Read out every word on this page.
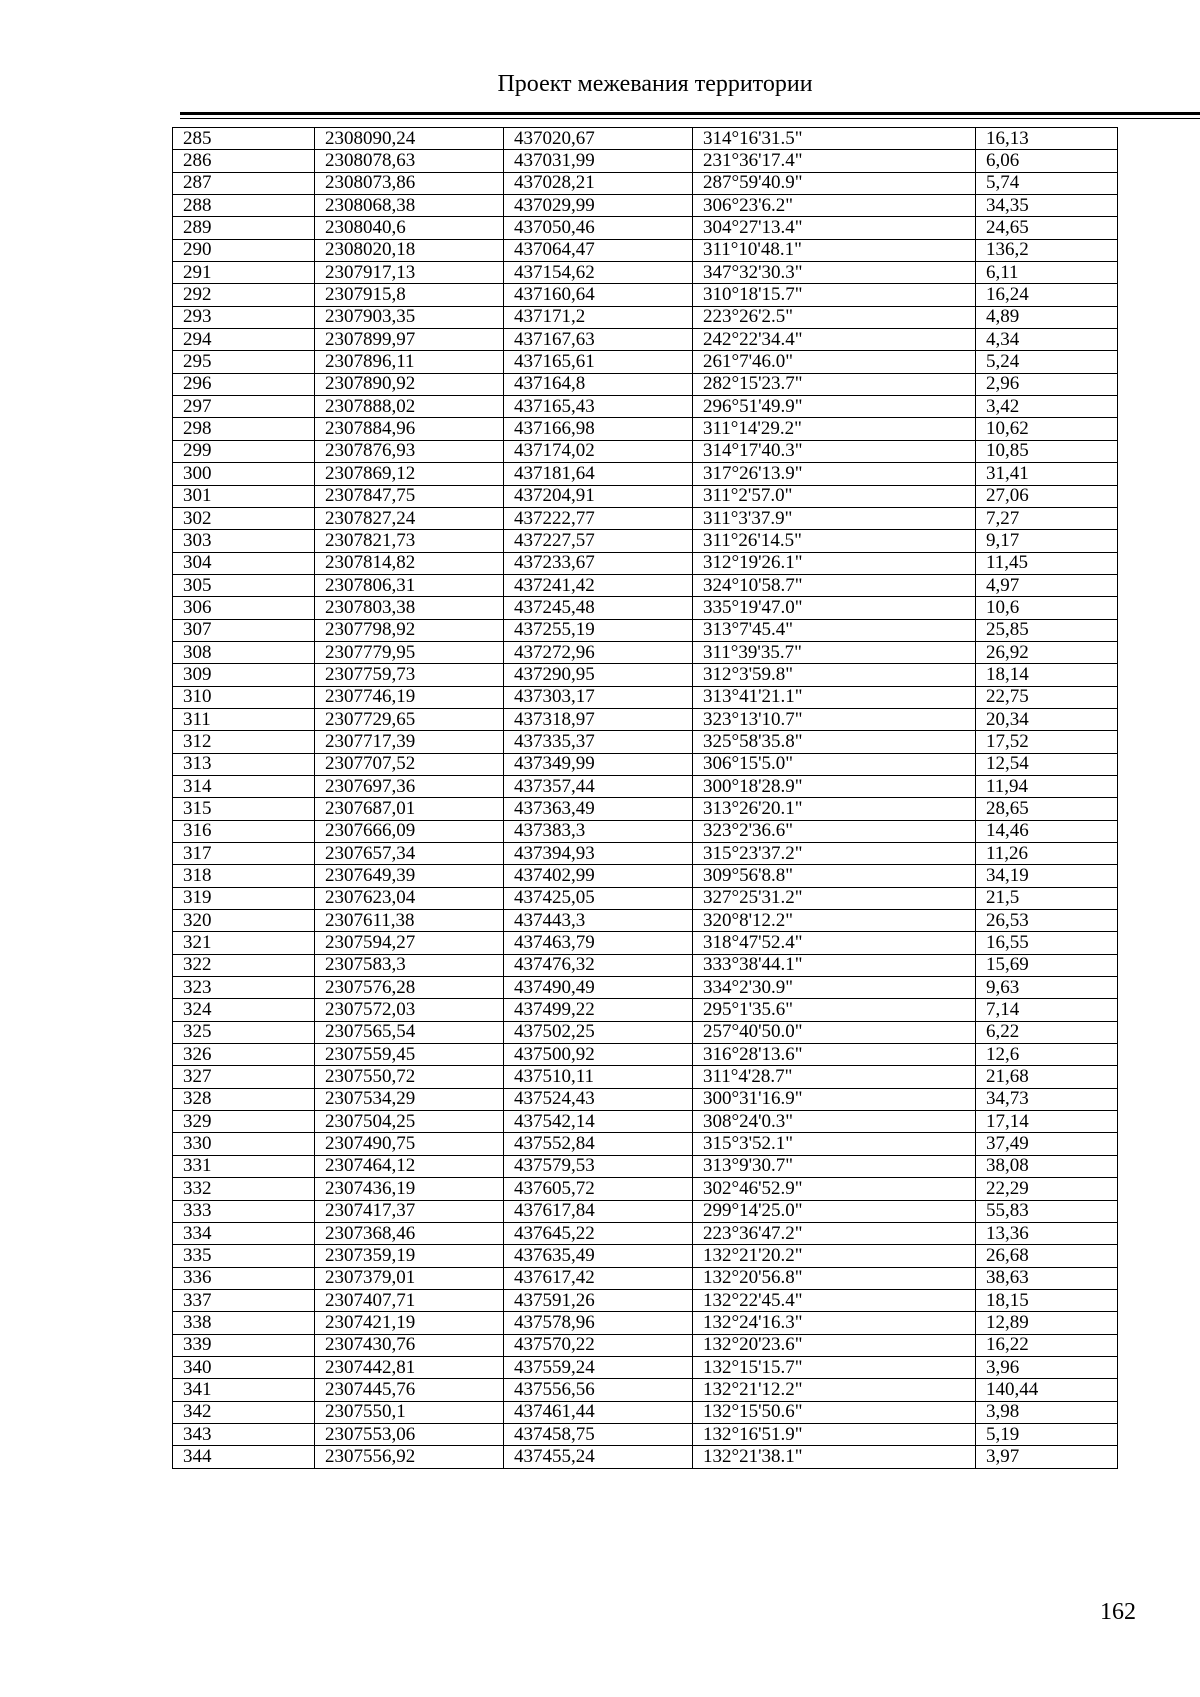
Проект межевания территории
285	2308090,24	437020,67	314°16'31.5"	16,13
286	2308078,63	437031,99	231°36'17.4"	6,06
287	2308073,86	437028,21	287°59'40.9"	5,74
288	2308068,38	437029,99	306°23'6.2"	34,35
289	2308040,6	437050,46	304°27'13.4"	24,65
290	2308020,18	437064,47	311°10'48.1"	136,2
291	2307917,13	437154,62	347°32'30.3"	6,11
292	2307915,8	437160,64	310°18'15.7"	16,24
293	2307903,35	437171,2	223°26'2.5"	4,89
294	2307899,97	437167,63	242°22'34.4"	4,34
295	2307896,11	437165,61	261°7'46.0"	5,24
296	2307890,92	437164,8	282°15'23.7"	2,96
297	2307888,02	437165,43	296°51'49.9"	3,42
298	2307884,96	437166,98	311°14'29.2"	10,62
299	2307876,93	437174,02	314°17'40.3"	10,85
300	2307869,12	437181,64	317°26'13.9"	31,41
301	2307847,75	437204,91	311°2'57.0"	27,06
302	2307827,24	437222,77	311°3'37.9"	7,27
303	2307821,73	437227,57	311°26'14.5"	9,17
304	2307814,82	437233,67	312°19'26.1"	11,45
305	2307806,31	437241,42	324°10'58.7"	4,97
306	2307803,38	437245,48	335°19'47.0"	10,6
307	2307798,92	437255,19	313°7'45.4"	25,85
308	2307779,95	437272,96	311°39'35.7"	26,92
309	2307759,73	437290,95	312°3'59.8"	18,14
310	2307746,19	437303,17	313°41'21.1"	22,75
311	2307729,65	437318,97	323°13'10.7"	20,34
312	2307717,39	437335,37	325°58'35.8"	17,52
313	2307707,52	437349,99	306°15'5.0"	12,54
314	2307697,36	437357,44	300°18'28.9"	11,94
315	2307687,01	437363,49	313°26'20.1"	28,65
316	2307666,09	437383,3	323°2'36.6"	14,46
317	2307657,34	437394,93	315°23'37.2"	11,26
318	2307649,39	437402,99	309°56'8.8"	34,19
319	2307623,04	437425,05	327°25'31.2"	21,5
320	2307611,38	437443,3	320°8'12.2"	26,53
321	2307594,27	437463,79	318°47'52.4"	16,55
322	2307583,3	437476,32	333°38'44.1"	15,69
323	2307576,28	437490,49	334°2'30.9"	9,63
324	2307572,03	437499,22	295°1'35.6"	7,14
325	2307565,54	437502,25	257°40'50.0"	6,22
326	2307559,45	437500,92	316°28'13.6"	12,6
327	2307550,72	437510,11	311°4'28.7"	21,68
328	2307534,29	437524,43	300°31'16.9"	34,73
329	2307504,25	437542,14	308°24'0.3"	17,14
330	2307490,75	437552,84	315°3'52.1"	37,49
331	2307464,12	437579,53	313°9'30.7"	38,08
332	2307436,19	437605,72	302°46'52.9"	22,29
333	2307417,37	437617,84	299°14'25.0"	55,83
334	2307368,46	437645,22	223°36'47.2"	13,36
335	2307359,19	437635,49	132°21'20.2"	26,68
336	2307379,01	437617,42	132°20'56.8"	38,63
337	2307407,71	437591,26	132°22'45.4"	18,15
338	2307421,19	437578,96	132°24'16.3"	12,89
339	2307430,76	437570,22	132°20'23.6"	16,22
340	2307442,81	437559,24	132°15'15.7"	3,96
341	2307445,76	437556,56	132°21'12.2"	140,44
342	2307550,1	437461,44	132°15'50.6"	3,98
343	2307553,06	437458,75	132°16'51.9"	5,19
344	2307556,92	437455,24	132°21'38.1"	3,97
162
